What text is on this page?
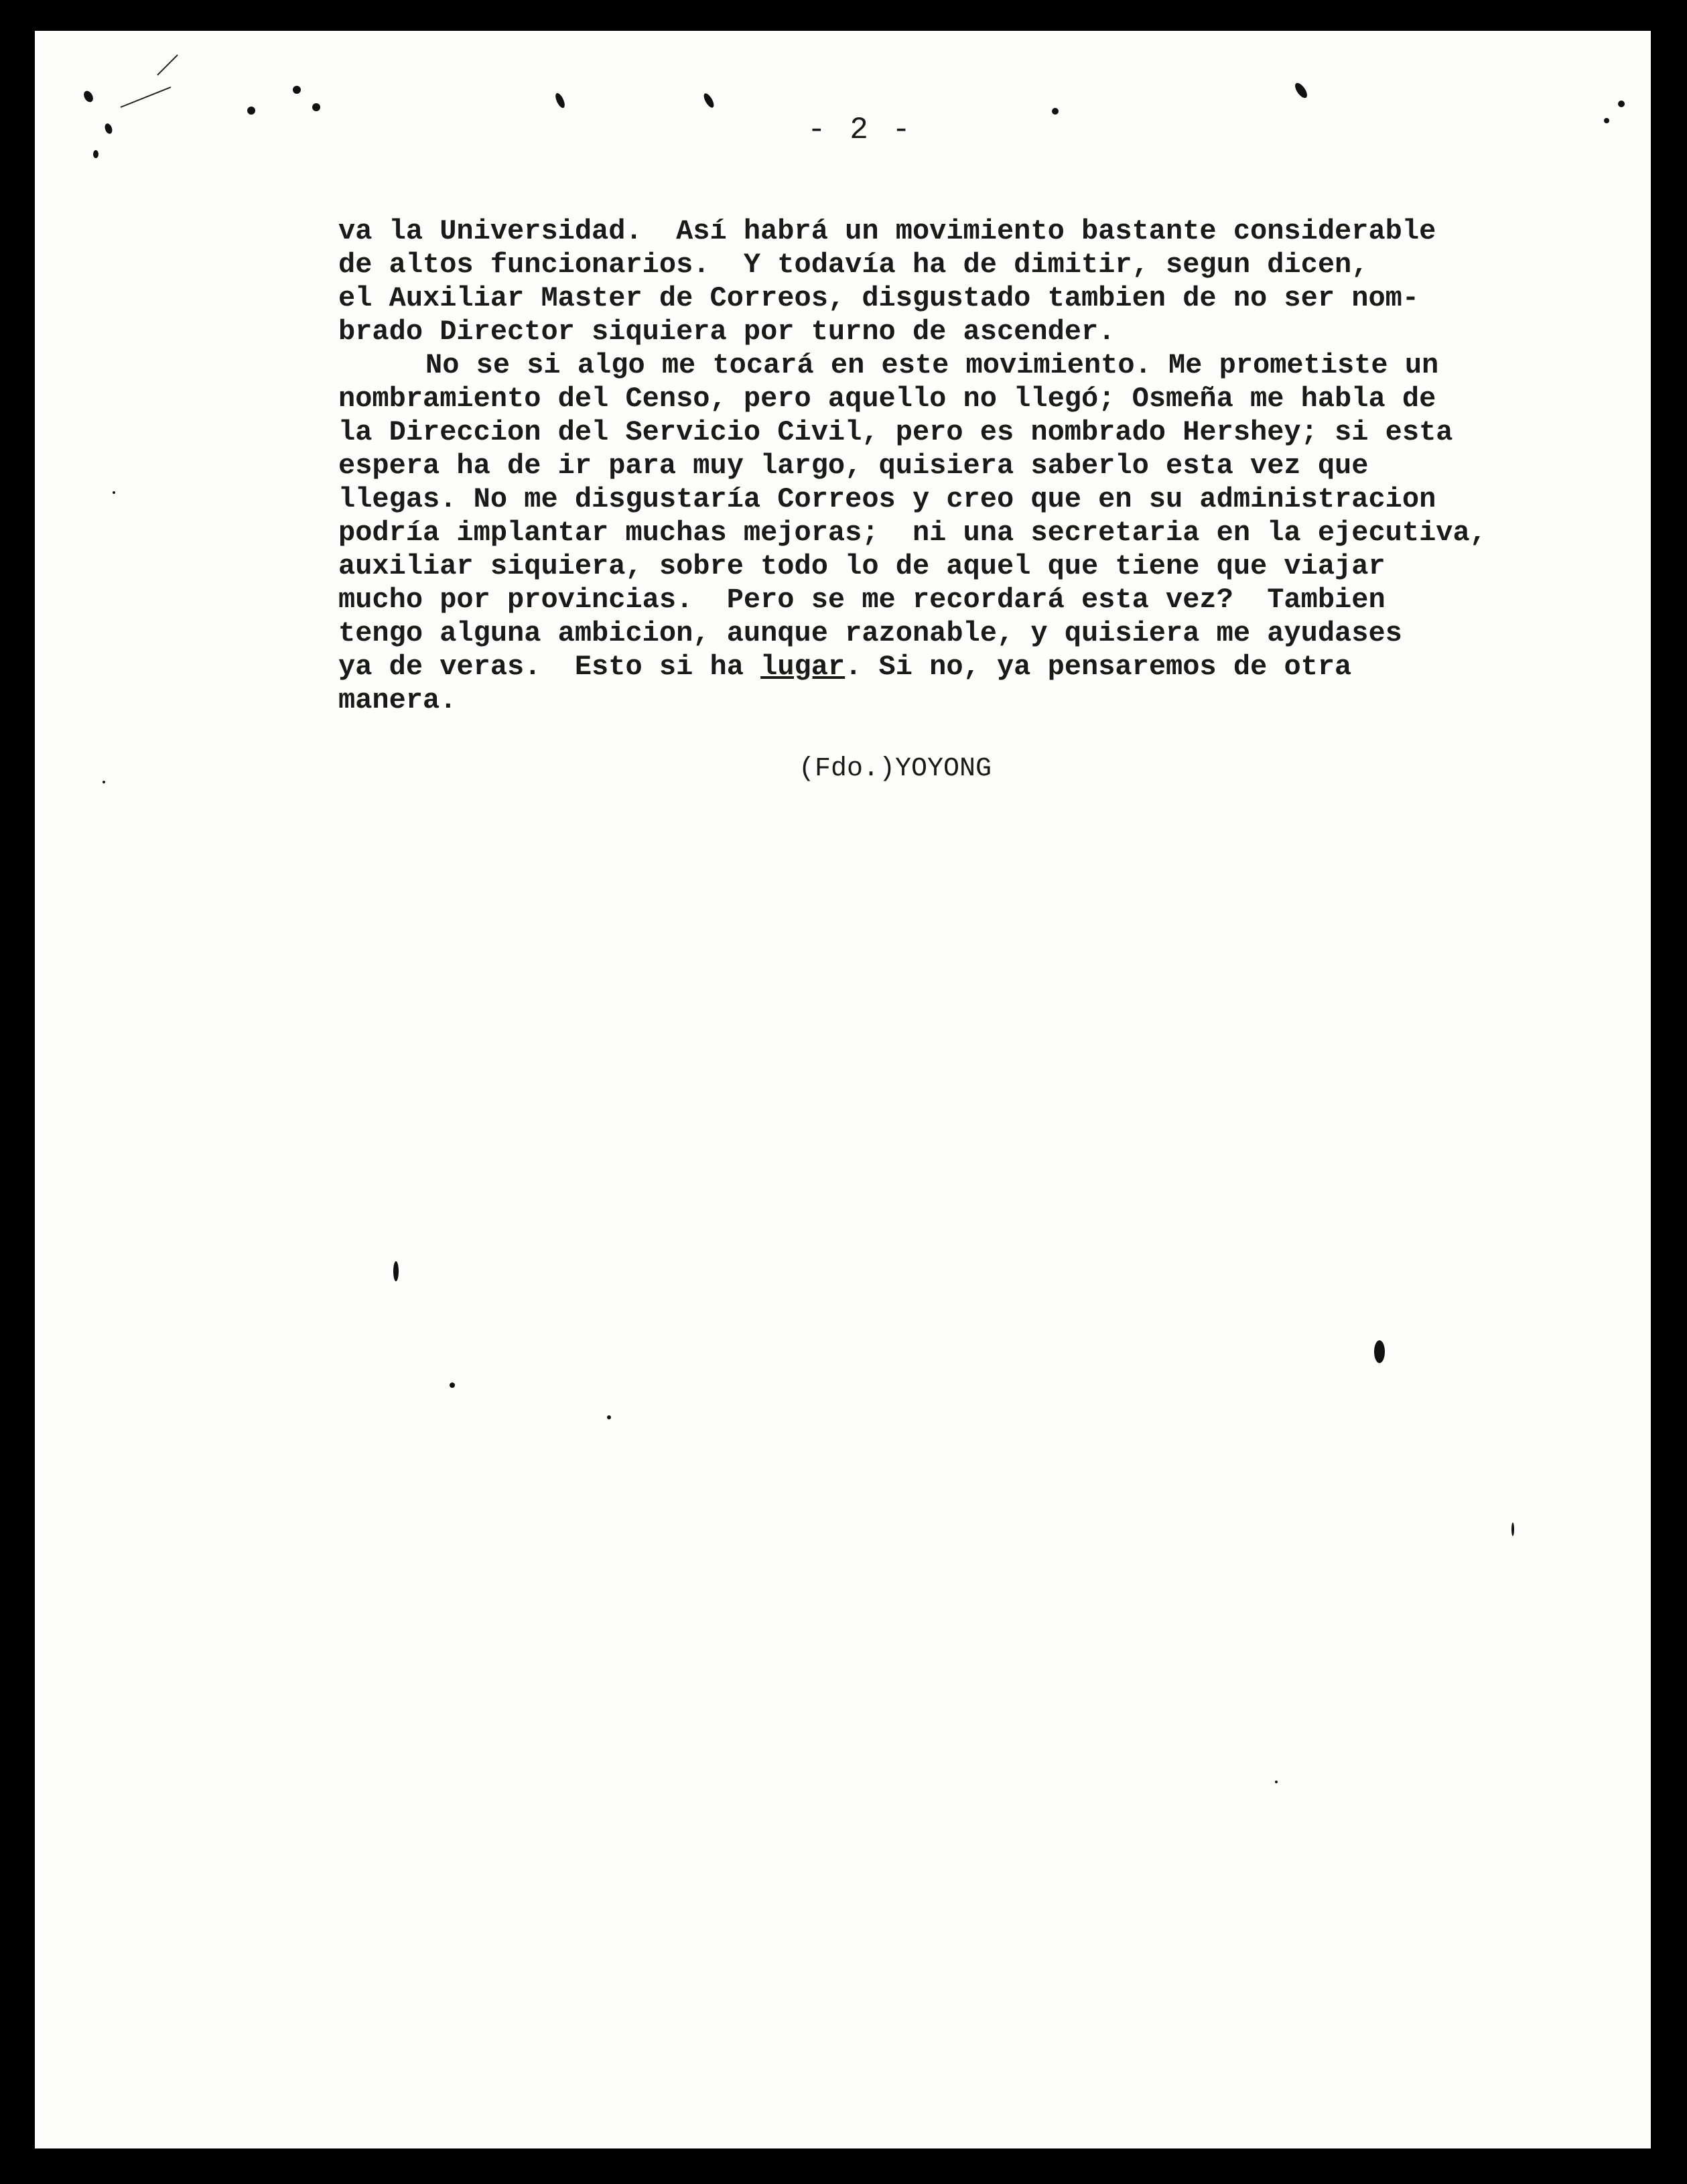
- 2 -
va la Universidad.  Así habrá un movimiento bastante considerable
de altos funcionarios.  Y todavía ha de dimitir, segun dicen,
el Auxiliar Master de Correos, disgustado tambien de no ser nom-
brado Director siquiera por turno de ascender.
No se si algo me tocará en este movimiento. Me prometiste un
nombramiento del Censo, pero aquello no llegó; Osmeña me habla de
la Direccion del Servicio Civil, pero es nombrado Hershey; si esta
espera ha de ir para muy largo, quisiera saberlo esta vez que
llegas. No me disgustaría Correos y creo que en su administracion
podría implantar muchas mejoras;  ni una secretaria en la ejecutiva,
auxiliar siquiera, sobre todo lo de aquel que tiene que viajar
mucho por provincias.  Pero se me recordará esta vez?  Tambien
tengo alguna ambicion, aunque razonable, y quisiera me ayudases
ya de veras.  Esto si ha lugar. Si no, ya pensaremos de otra
manera.
(Fdo.)YOYONG
